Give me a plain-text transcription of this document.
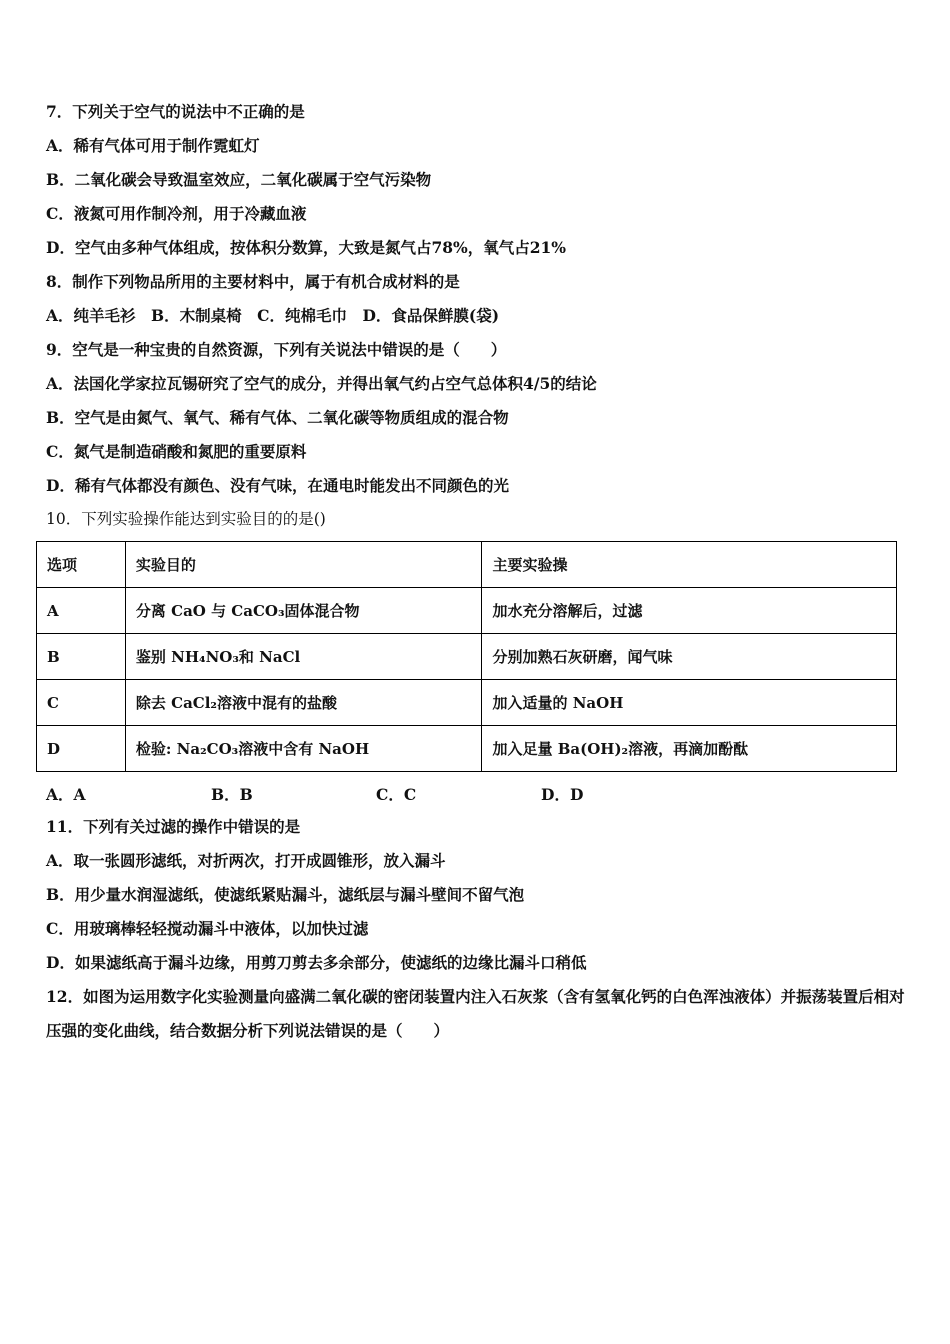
7．下列关于空气的说法中不正确的是
A．稀有气体可用于制作霓虹灯
B．二氧化碳会导致温室效应，二氧化碳属于空气污染物
C．液氮可用作制冷剂，用于冷藏血液
D．空气由多种气体组成，按体积分数算，大致是氮气占78%，氧气占21%
8．制作下列物品所用的主要材料中，属于有机合成材料的是
A．纯羊毛衫　B．木制桌椅　C．纯棉毛巾　D．食品保鲜膜(袋)
9．空气是一种宝贵的自然资源，下列有关说法中错误的是（　　）
A．法国化学家拉瓦锡研究了空气的成分，并得出氧气约占空气总体积4/5的结论
B．空气是由氮气、氧气、稀有气体、二氧化碳等物质组成的混合物
C．氮气是制造硝酸和氮肥的重要原料
D．稀有气体都没有颜色、没有气味，在通电时能发出不同颜色的光
10．下列实验操作能达到实验目的的是()
选项	实验目的	主要实验操
A	分离 CaO 与 CaCO₃固体混合物	加水充分溶解后，过滤
B	鉴别 NH₄NO₃和 NaCl	分别加熟石灰研磨，闻气味
C	除去 CaCl₂溶液中混有的盐酸	加入适量的 NaOH
D	检验: Na₂CO₃溶液中含有 NaOH	加入足量 Ba(OH)₂溶液，再滴加酚酞
A．A	B．B	C．C	D．D
11．下列有关过滤的操作中错误的是
A．取一张圆形滤纸，对折两次，打开成圆锥形，放入漏斗
B．用少量水润湿滤纸，使滤纸紧贴漏斗，滤纸层与漏斗壁间不留气泡
C．用玻璃棒轻轻搅动漏斗中液体，以加快过滤
D．如果滤纸高于漏斗边缘，用剪刀剪去多余部分，使滤纸的边缘比漏斗口稍低
12．如图为运用数字化实验测量向盛满二氧化碳的密闭装置内注入石灰浆（含有氢氧化钙的白色浑浊液体）并振荡装置后相对压强的变化曲线，结合数据分析下列说法错误的是（　　）
